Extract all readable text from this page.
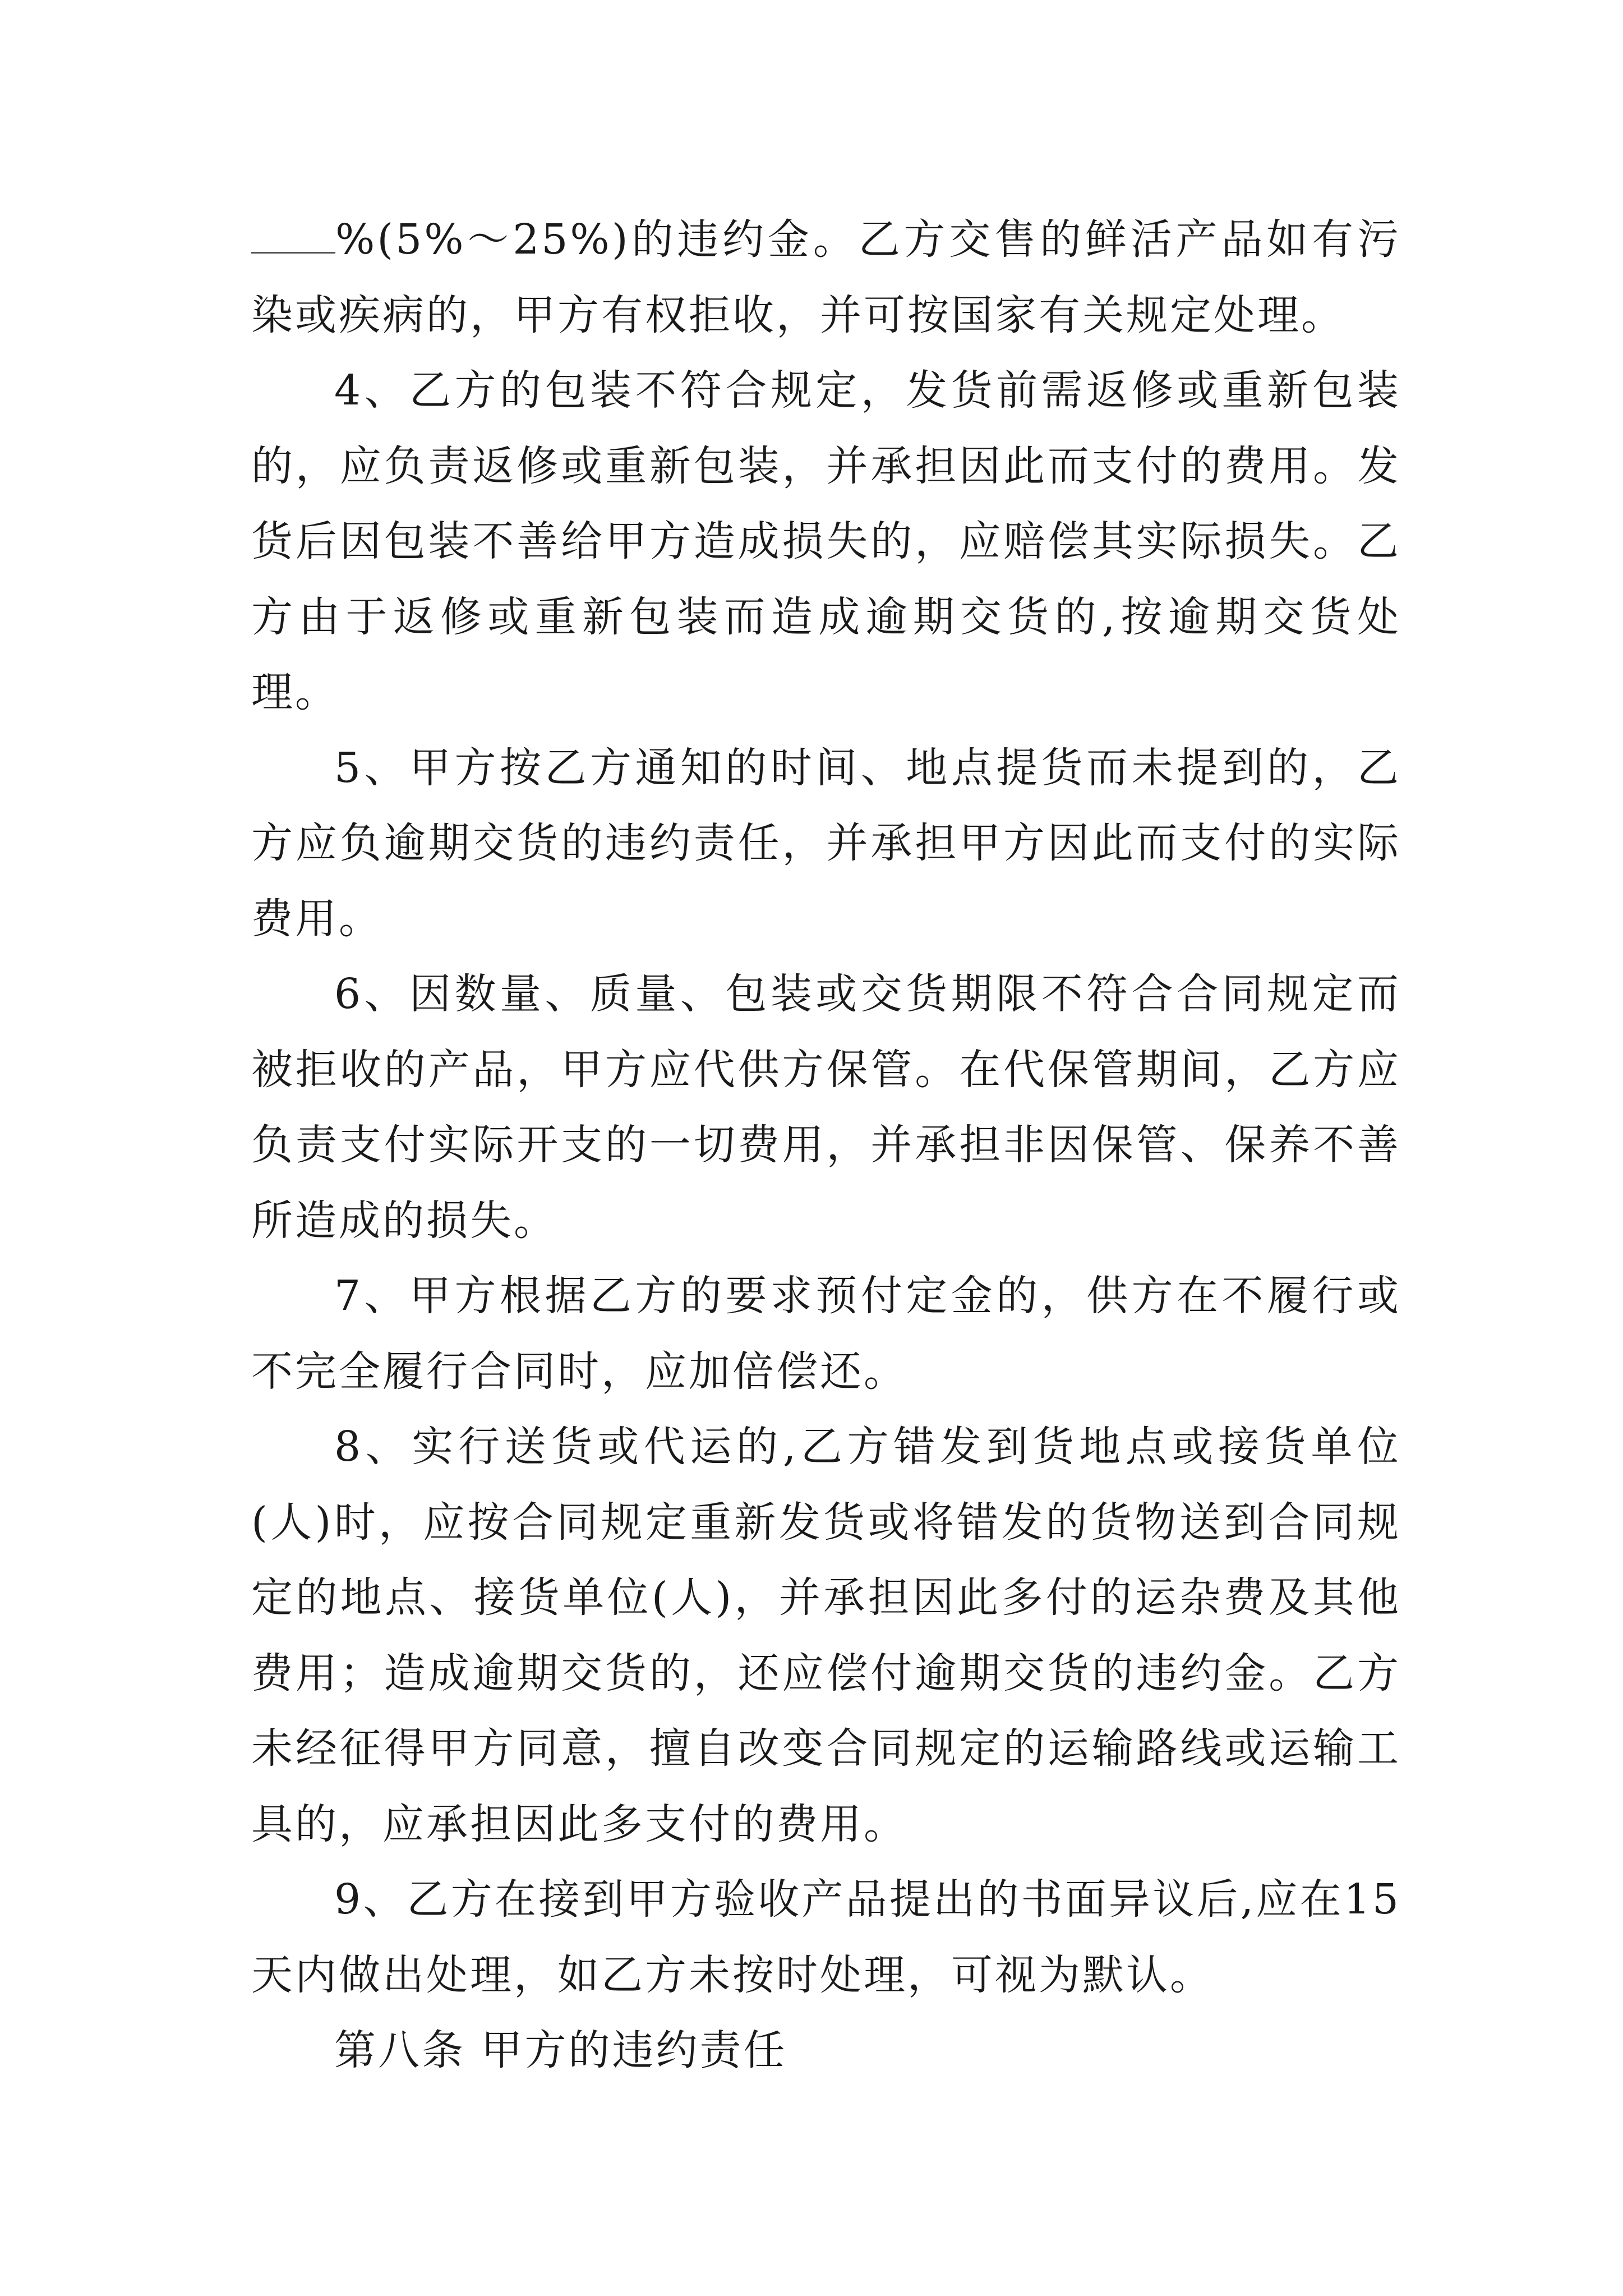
%(5%～25%)的违约金。乙方交售的鲜活产品如有污染或疾病的，甲方有权拒收，并可按国家有关规定处理。

4、乙方的包装不符合规定，发货前需返修或重新包装的，应负责返修或重新包装，并承担因此而支付的费用。发货后因包装不善给甲方造成损失的，应赔偿其实际损失。乙方由于返修或重新包装而造成逾期交货的,按逾期交货处理。

5、甲方按乙方通知的时间、地点提货而未提到的，乙方应负逾期交货的违约责任，并承担甲方因此而支付的实际费用。

6、因数量、质量、包装或交货期限不符合合同规定而被拒收的产品，甲方应代供方保管。在代保管期间，乙方应负责支付实际开支的一切费用，并承担非因保管、保养不善所造成的损失。

7、甲方根据乙方的要求预付定金的，供方在不履行或不完全履行合同时，应加倍偿还。

8、实行送货或代运的,乙方错发到货地点或接货单位(人)时，应按合同规定重新发货或将错发的货物送到合同规定的地点、接货单位(人)，并承担因此多付的运杂费及其他费用；造成逾期交货的，还应偿付逾期交货的违约金。乙方未经征得甲方同意，擅自改变合同规定的运输路线或运输工具的，应承担因此多支付的费用。

9、乙方在接到甲方验收产品提出的书面异议后,应在15天内做出处理，如乙方未按时处理，可视为默认。

第八条 甲方的违约责任
